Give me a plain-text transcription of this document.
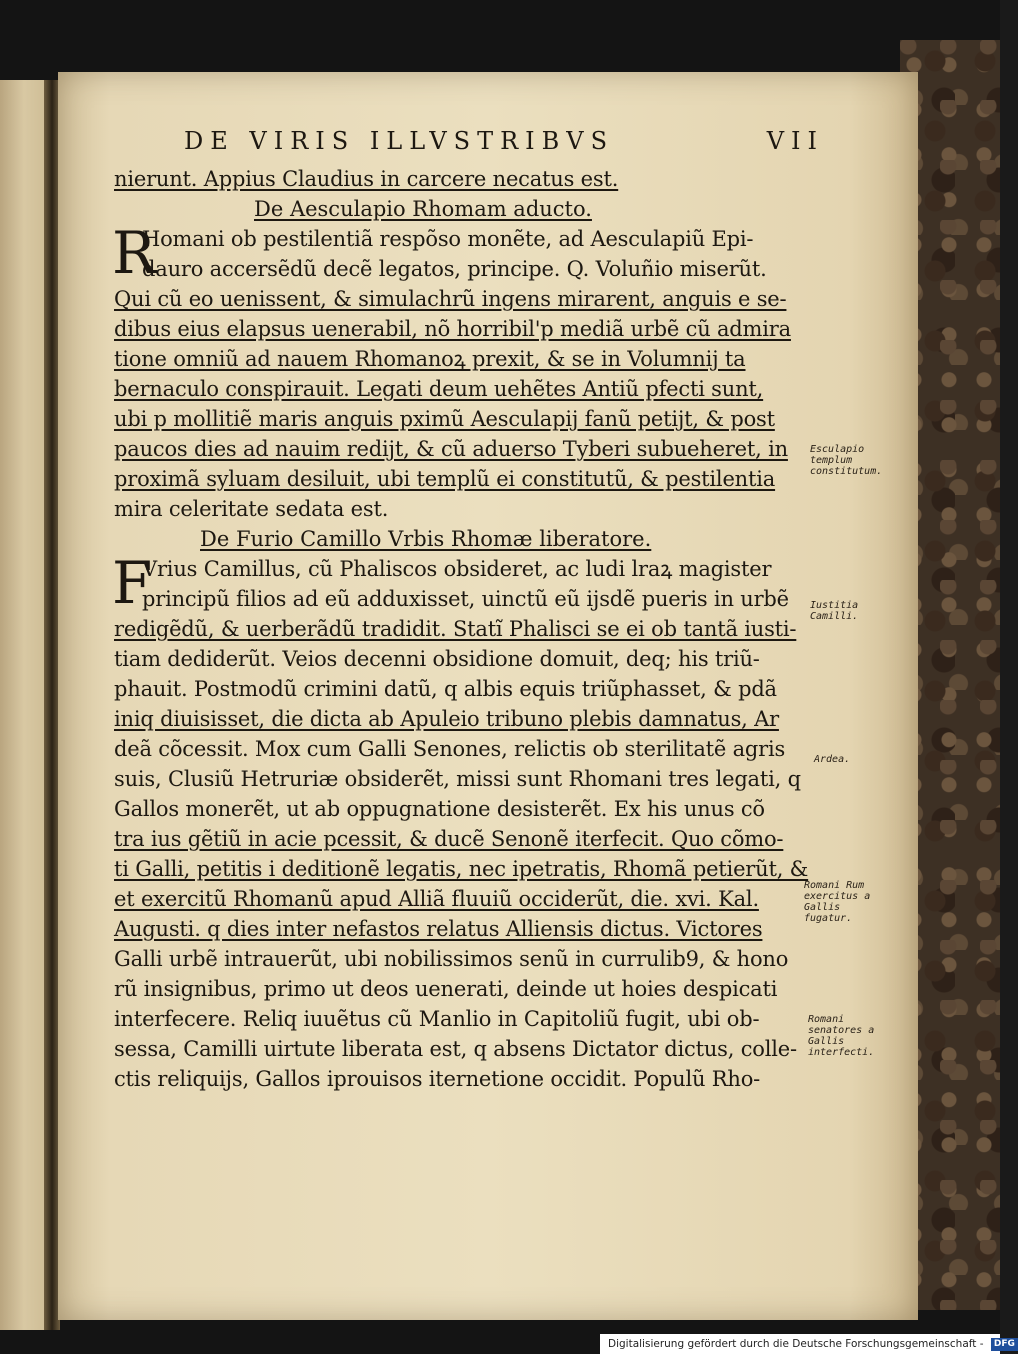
DE VIRIS ILLVSTRIBVS	VII
nierunt. Appius Claudius in carcere necatus est.
De Aesculapio Rhomam aducto.
R
Homani ob pestilentiã respõso monẽte, ad Aesculapiũ Epi-
dauro accersẽdũ decẽ legatos, principe. Q. Voluñio miserũt.
Qui cũ eo uenissent, & simulachrũ ingens mirarent, anguis e se-
dibus eius elapsus uenerabil, nõ horribil'p mediã urbẽ cũ admira
tione omniũ ad nauem Rhomanoꝝ prexit, & se in Volumnij ta
bernaculo conspirauit. Legati deum uehẽtes Antiũ pfecti sunt,
ubi p mollitiẽ maris anguis pximũ Aesculapij fanũ petijt, & post
paucos dies ad nauim redijt, & cũ aduerso Tyberi subueheret, in
proximã syluam desiluit, ubi templũ ei constitutũ, & pestilentia
mira celeritate sedata est.
De Furio Camillo Vrbis Rhomæ liberatore.
F
Vrius Camillus, cũ Phaliscos obsideret, ac ludi lraꝝ magister
principũ filios ad eũ adduxisset, uinctũ eũ ijsdẽ pueris in urbẽ
redigẽdũ, & uerberãdũ tradidit. Statĩ Phalisci se ei ob tantã iusti-
tiam dediderũt. Veios decenni obsidione domuit, deq; his triũ-
phauit. Postmodũ crimini datũ, q albis equis triũphasset, & pdã
iniq diuisisset, die dicta ab Apuleio tribuno plebis damnatus, Ar
deã cõcessit. Mox cum Galli Senones, relictis ob sterilitatẽ agris
suis, Clusiũ Hetruriæ obsiderẽt, missi sunt Rhomani tres legati, q
Gallos monerẽt, ut ab oppugnatione desisterẽt. Ex his unus cõ
tra ius gẽtiũ in acie pcessit, & ducẽ Senonẽ iterfecit. Quo cõmo-
ti Galli, petitis i deditionẽ legatis, nec ipetratis, Rhomã petierũt, &
et exercitũ Rhomanũ apud Alliã fluuiũ occiderũt, die. xvi. Kal.
Augusti. q dies inter nefastos relatus Alliensis dictus. Victores
Galli urbẽ intrauerũt, ubi nobilissimos senũ in currulib9, & hono
rũ insignibus, primo ut deos uenerati, deinde ut hoies despicati
interfecere. Reliq iuuẽtus cũ Manlio in Capitoliũ fugit, ubi ob-
sessa, Camilli uirtute liberata est, q absens Dictator dictus, colle-
ctis reliquijs, Gallos iprouisos iternetione occidit. Populũ Rho-
Esculapio templum constitutum.
Iustitia Camilli.
Ardea.
Romani Rum exercitus a Gallis fugatur.
Romani senatores a Gallis interfecti.
Digitalisierung gefördert durch die Deutsche Forschungsgemeinschaft - DFG
